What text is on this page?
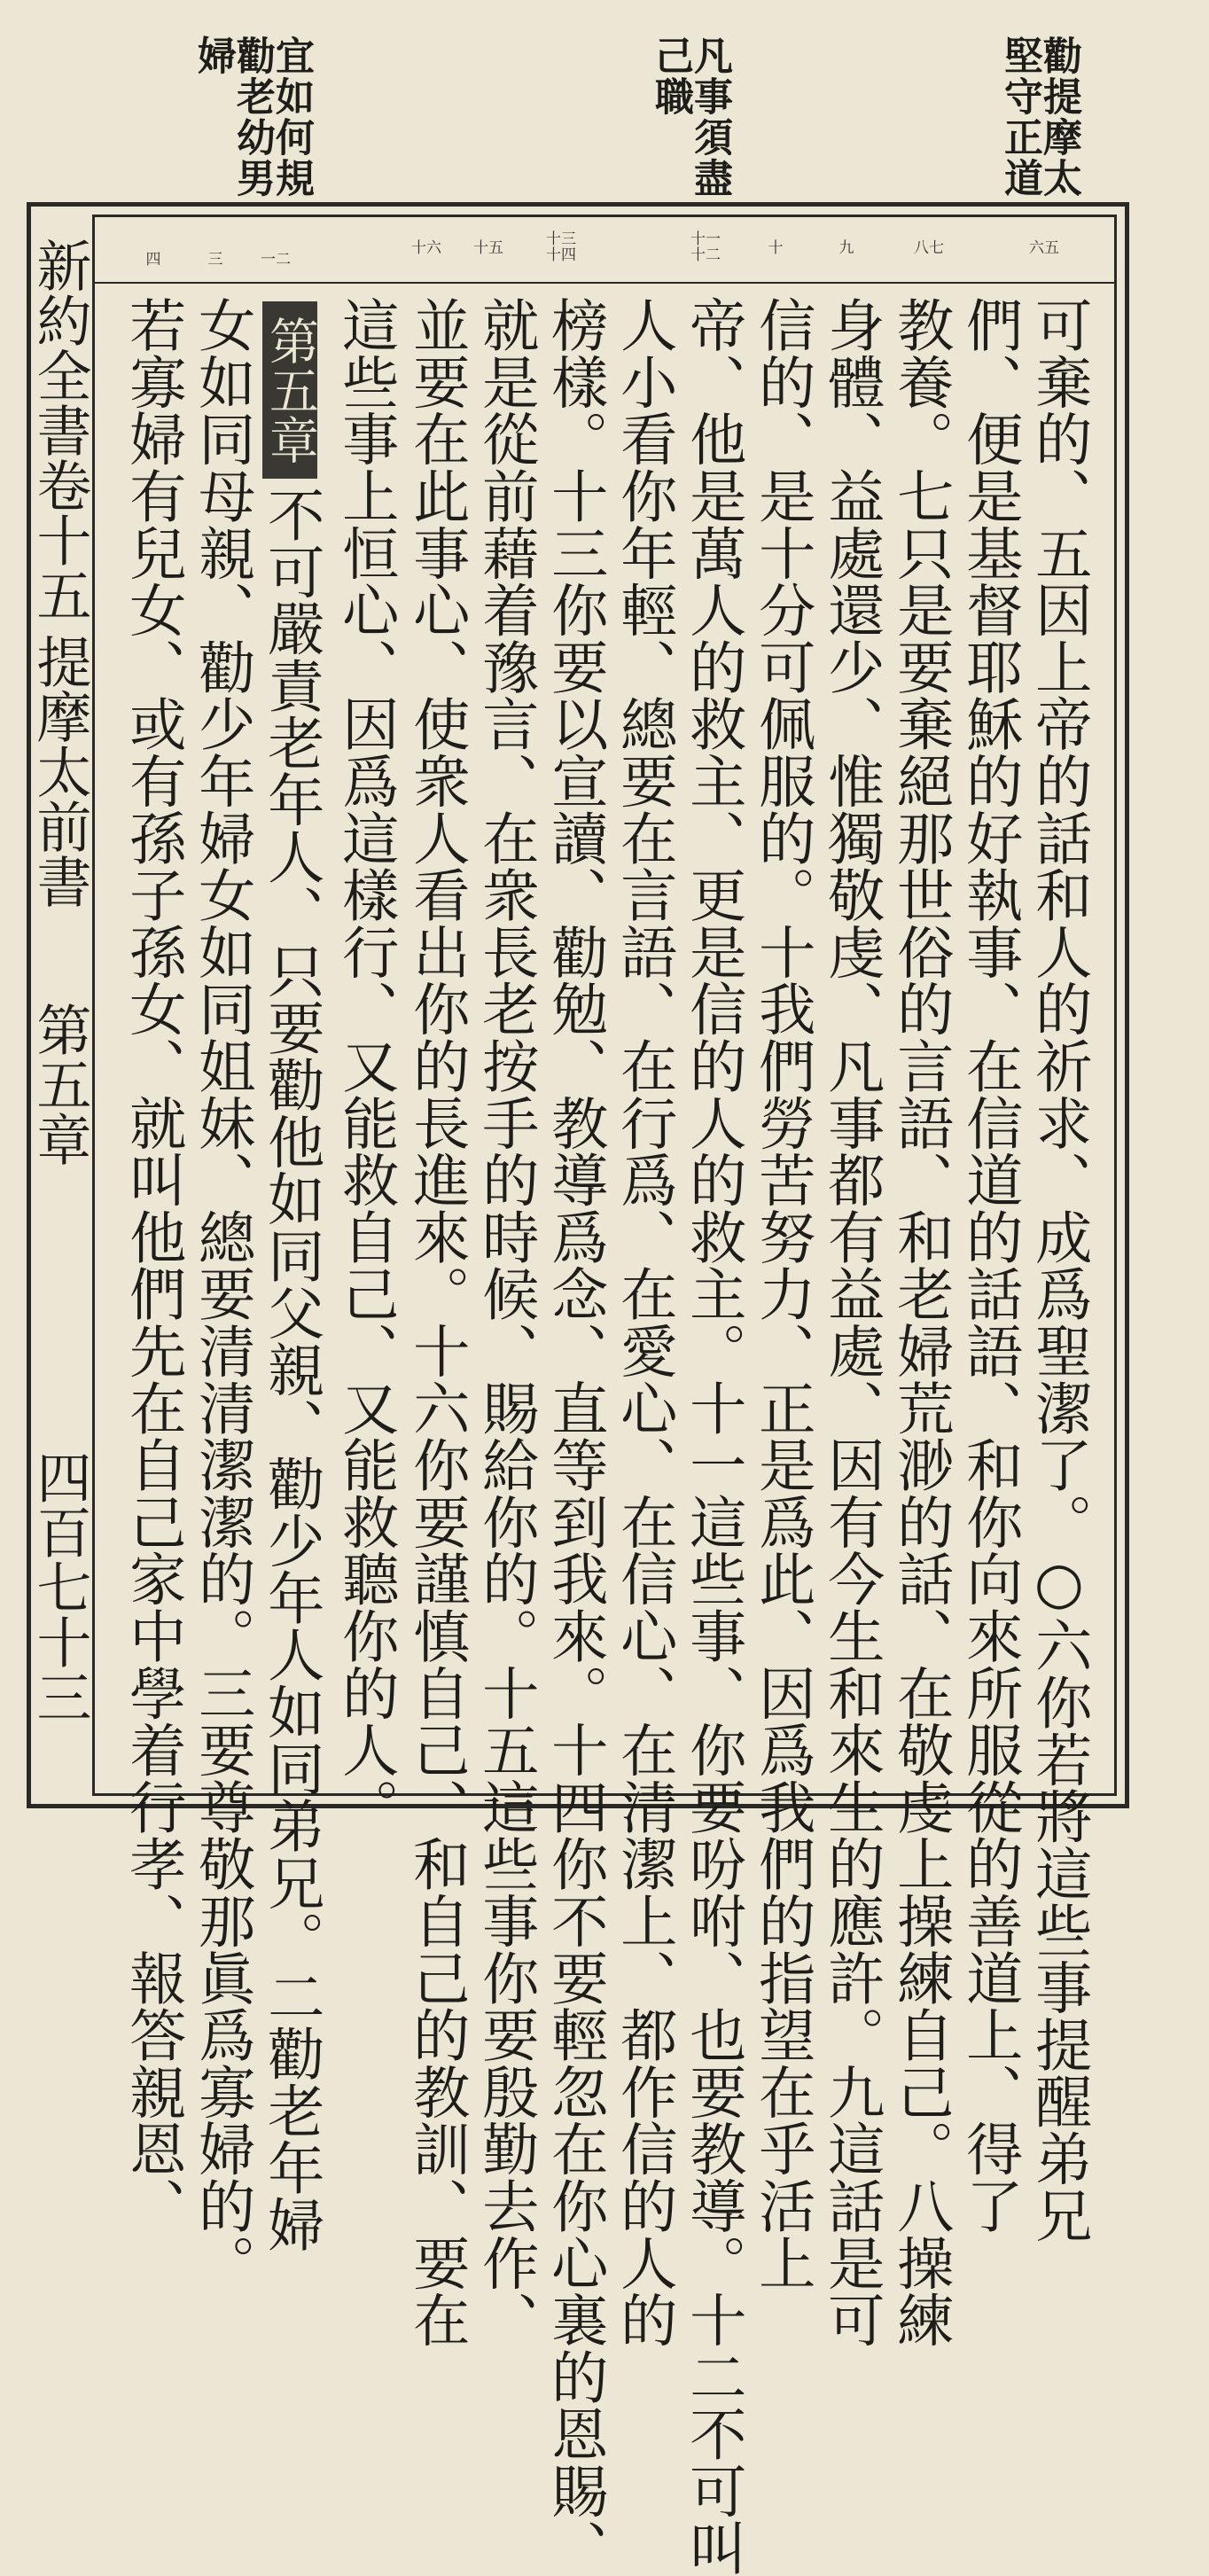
勸提摩太
堅守正道
凡事須盡
己職
宜如何規
勸老幼男
婦
新約全書卷十五
提摩太前書
第五章
四百七十三
六五
八七
九
十
十一
十二
十三
十四
十五
十六
一二
三
四
可棄的、五因上帝的話和人的祈求、成爲聖潔了。○六你若將這些事提醒弟兄
們、便是基督耶穌的好執事、在信道的話語、和你向來所服從的善道上、得了
教養。七只是要棄絕那世俗的言語、和老婦荒渺的話、在敬虔上操練自己。八操練
身體、益處還少、惟獨敬虔、凡事都有益處、因有今生和來生的應許。九這話是可
信的、是十分可佩服的。十我們勞苦努力、正是爲此、因爲我們的指望在乎活上
帝、他是萬人的救主、更是信的人的救主。十一這些事、你要吩咐、也要教導。十二不可叫
人小看你年輕、總要在言語、在行爲、在愛心、在信心、在清潔上、都作信的人的
榜樣。十三你要以宣讀、勸勉、教導爲念、直等到我來。十四你不要輕忽在你心裏的恩賜、
就是從前藉着豫言、在衆長老按手的時候、賜給你的。十五這些事你要殷勤去作、
並要在此事心、使衆人看出你的長進來。十六你要謹慎自己、和自己的教訓、要在
這些事上恒心、因爲這樣行、又能救自己、又能救聽你的人。
第五章
不可嚴責老年人、只要勸他如同父親、勸少年人如同弟兄。二勸老年婦
女如同母親、勸少年婦女如同姐妹、總要清清潔潔的。三要尊敬那眞爲寡婦的。
若寡婦有兒女、或有孫子孫女、就叫他們先在自己家中學着行孝、報答親恩、
